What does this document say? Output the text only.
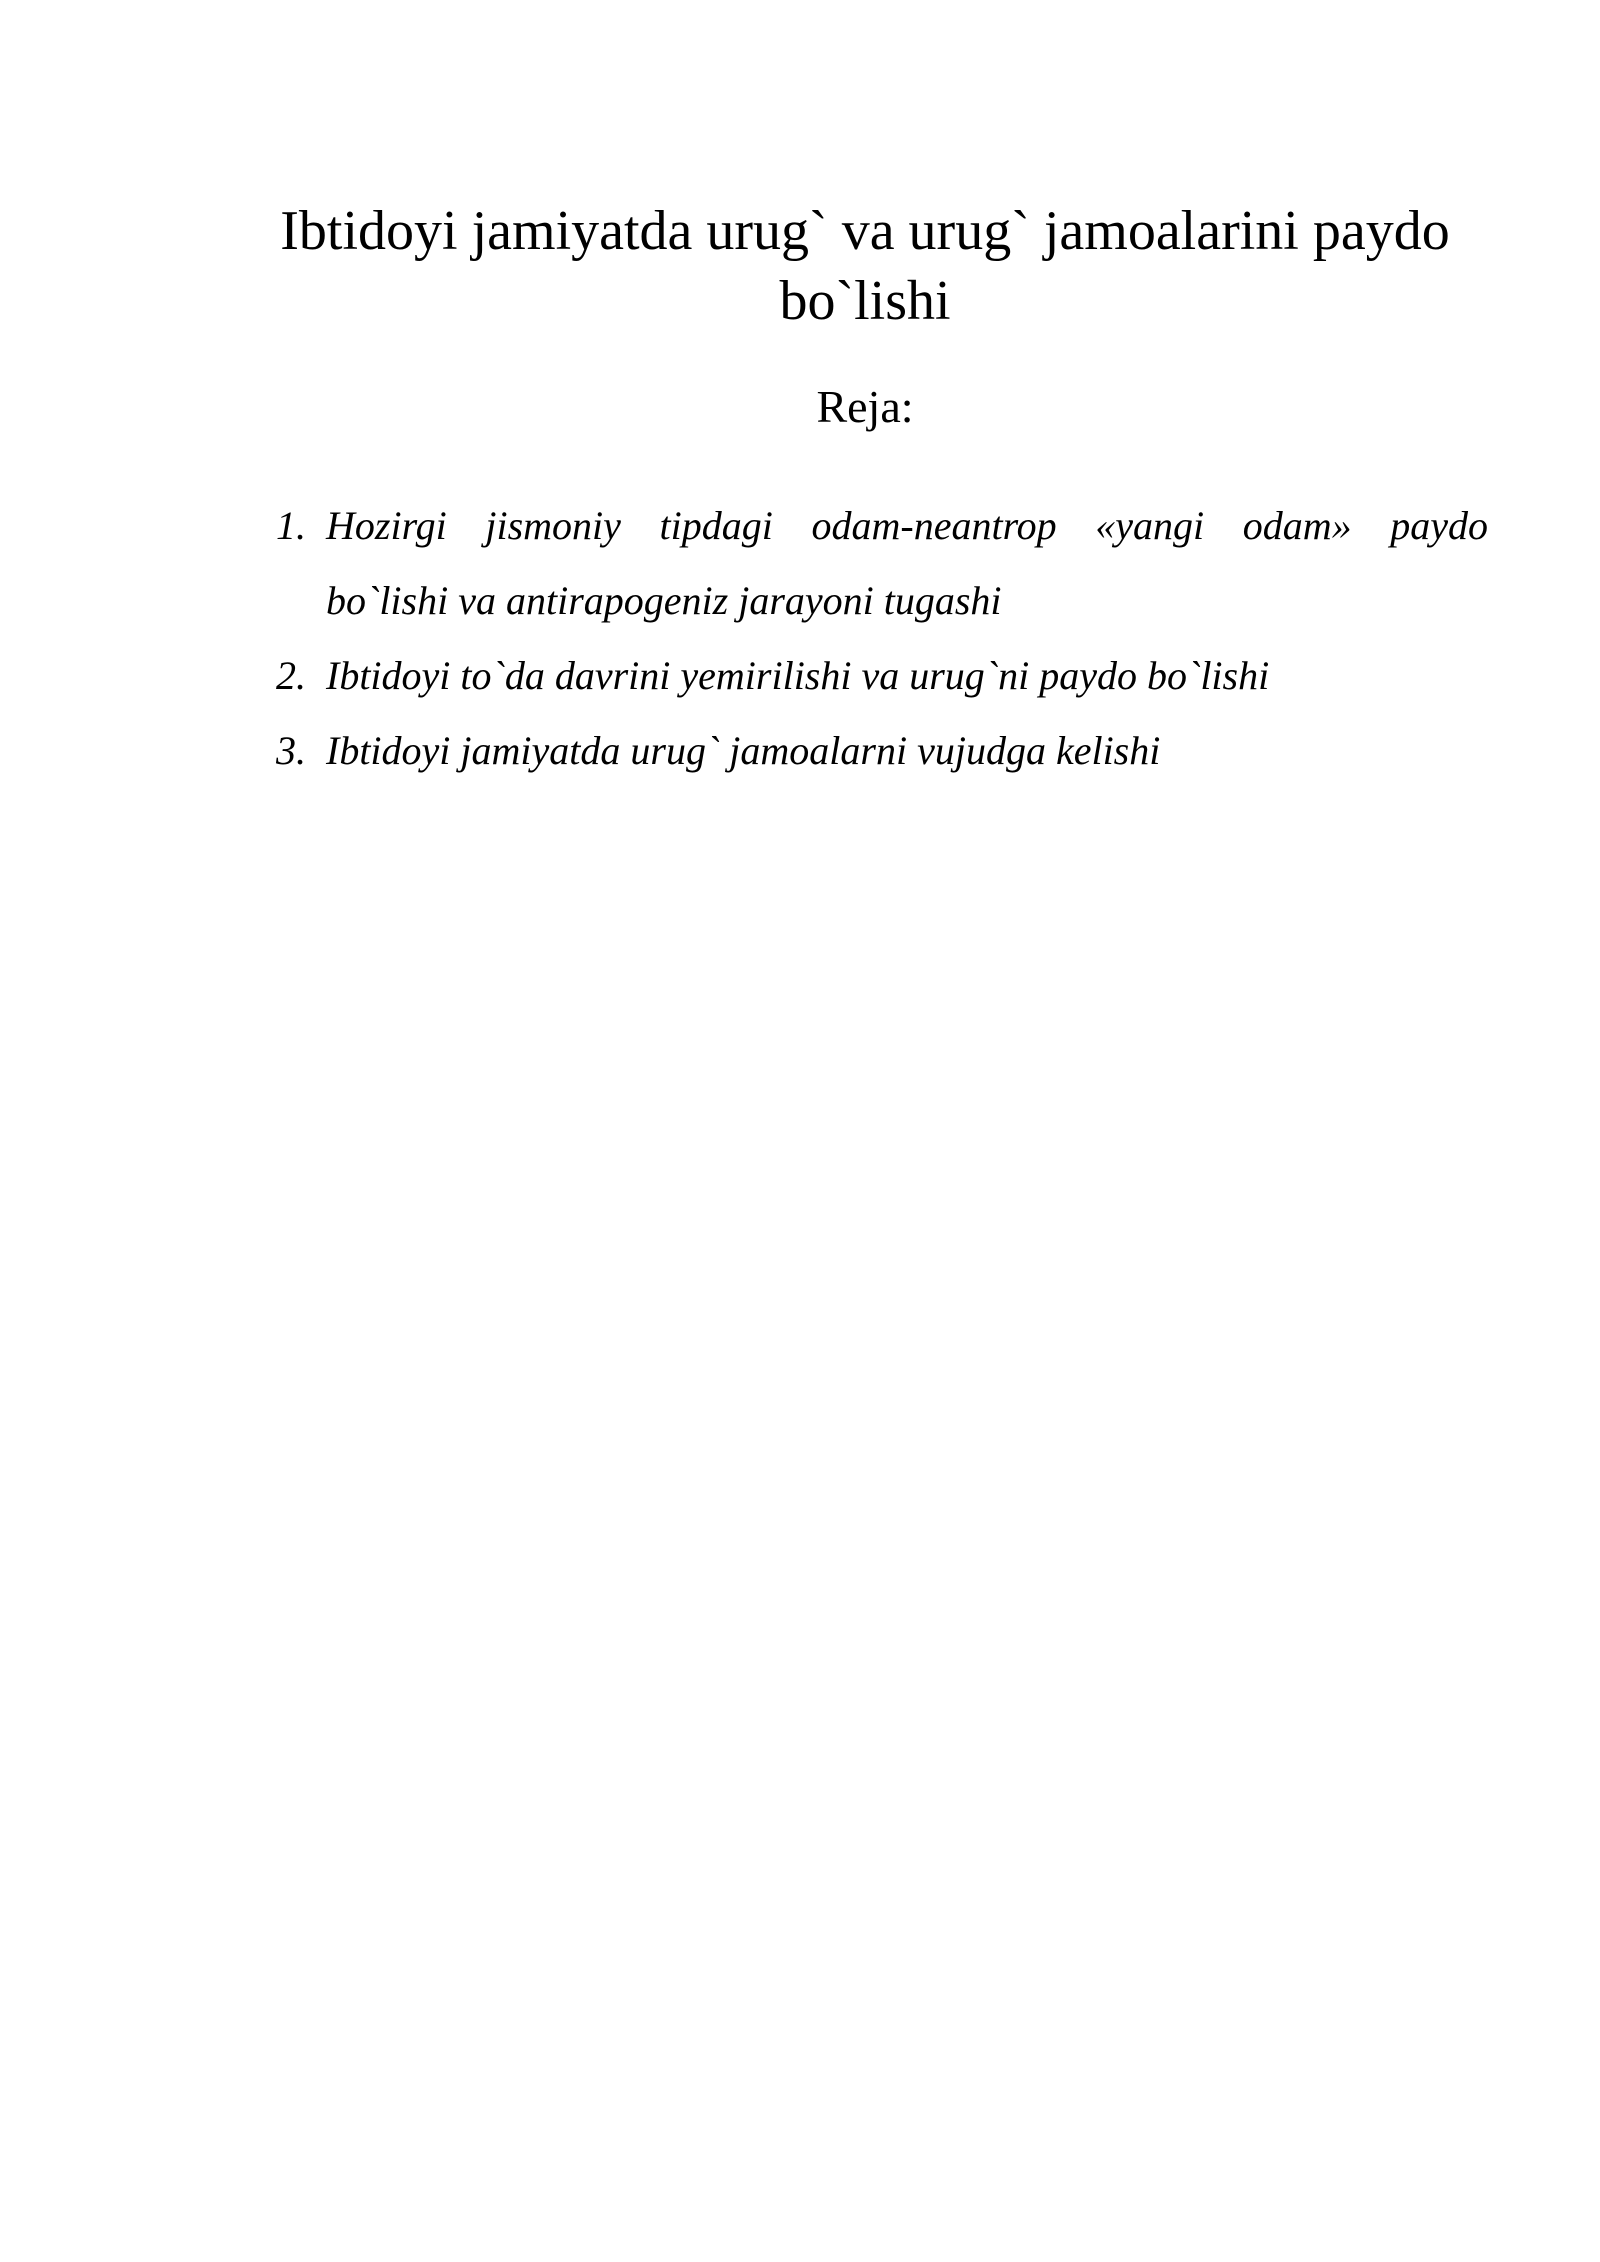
Ibtidoyi jamiyatda urug` va urug` jamoalarini paydo bo`lishi
Reja:
1. Hozirgi jismoniy tipdagi odam-neantrop «yangi odam» paydo
bo`lishi va antirapogeniz jarayoni tugashi
2. Ibtidoyi to`da davrini yemirilishi va urug`ni paydo bo`lishi
3. Ibtidoyi jamiyatda urug` jamoalarni vujudga kelishi
